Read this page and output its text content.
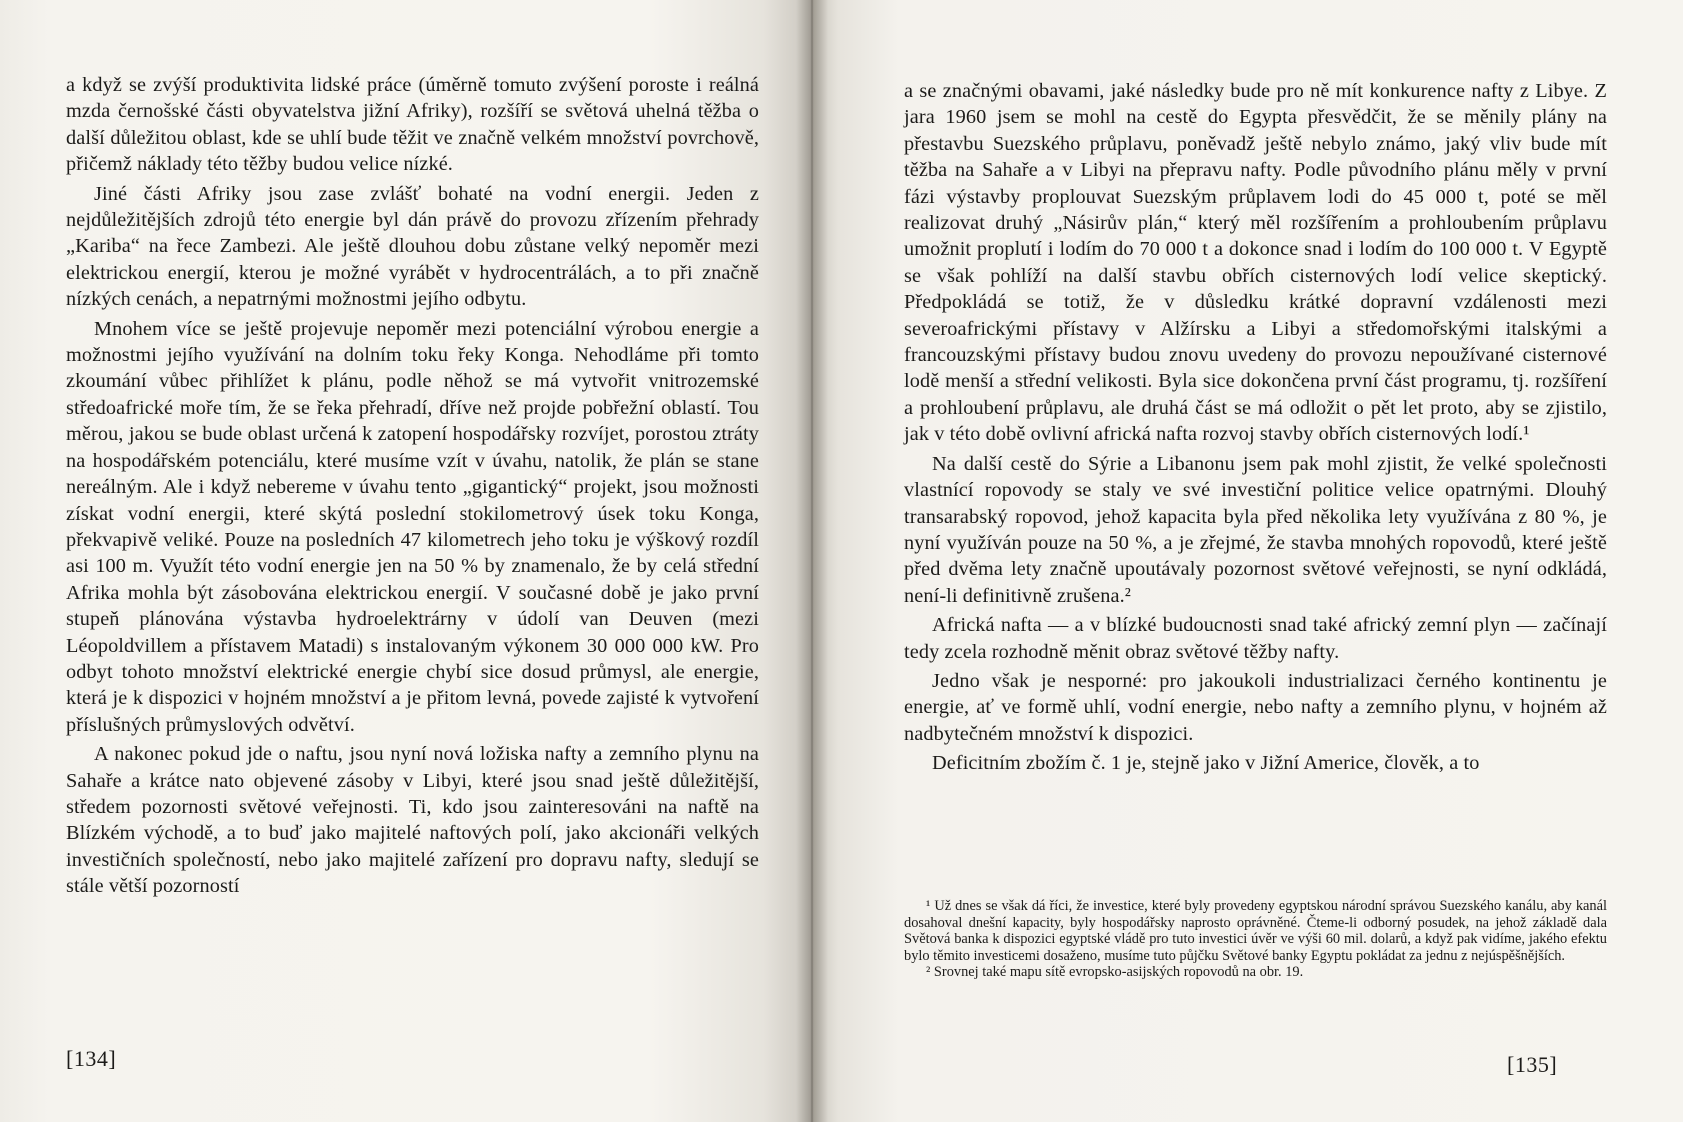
a když se zvýší produktivita lidské práce (úměrně tomuto zvýšení poroste i reálná mzda černošské části obyvatelstva jižní Afriky), rozšíří se světová uhelná těžba o další důležitou oblast, kde se uhlí bude těžit ve značně velkém množství povrchově, přičemž náklady této těžby budou velice nízké.

Jiné části Afriky jsou zase zvlášť bohaté na vodní energii. Jeden z nejdůležitějších zdrojů této energie byl dán právě do provozu zřízením přehrady „Kariba“ na řece Zambezi. Ale ještě dlouhou dobu zůstane velký nepoměr mezi elektrickou energií, kterou je možné vyrábět v hydrocentrálách, a to při značně nízkých cenách, a nepatrnými možnostmi jejího odbytu.

Mnohem více se ještě projevuje nepoměr mezi potenciální výrobou energie a možnostmi jejího využívání na dolním toku řeky Konga. Nehodláme při tomto zkoumání vůbec přihlížet k plánu, podle něhož se má vytvořit vnitrozemské středoafrické moře tím, že se řeka přehradí, dříve než projde pobřežní oblastí. Tou měrou, jakou se bude oblast určená k zatopení hospodářsky rozvíjet, porostou ztráty na hospodářském potenciálu, které musíme vzít v úvahu, natolik, že plán se stane nereálným. Ale i když nebereme v úvahu tento „gigantický“ projekt, jsou možnosti získat vodní energii, které skýtá poslední stokilometrový úsek toku Konga, překvapivě veliké. Pouze na posledních 47 kilometrech jeho toku je výškový rozdíl asi 100 m. Využít této vodní energie jen na 50 % by znamenalo, že by celá střední Afrika mohla být zásobována elektrickou energií. V současné době je jako první stupeň plánována výstavba hydroelektrárny v údolí van Deuven (mezi Léopoldvillem a přístavem Matadi) s instalovaným výkonem 30 000 000 kW. Pro odbyt tohoto množství elektrické energie chybí sice dosud průmysl, ale energie, která je k dispozici v hojném množství a je přitom levná, povede zajisté k vytvoření příslušných průmyslových odvětví.

A nakonec pokud jde o naftu, jsou nyní nová ložiska nafty a zemního plynu na Sahaře a krátce nato objevené zásoby v Libyi, které jsou snad ještě důležitější, středem pozornosti světové veřejnosti. Ti, kdo jsou zainteresováni na naftě na Blízkém východě, a to buď jako majitelé naftových polí, jako akcionáři velkých investičních společností, nebo jako majitelé zařízení pro dopravu nafty, sledují se stále větší pozorností

[134]

a se značnými obavami, jaké následky bude pro ně mít konkurence nafty z Libye. Z jara 1960 jsem se mohl na cestě do Egypta přesvědčit, že se měnily plány na přestavbu Suezského průplavu, poněvadž ještě nebylo známo, jaký vliv bude mít těžba na Sahaře a v Libyi na přepravu nafty. Podle původního plánu měly v první fázi výstavby proplouvat Suezským průplavem lodi do 45 000 t, poté se měl realizovat druhý „Násirův plán,“ který měl rozšířením a prohloubením průplavu umožnit proplutí i lodím do 70 000 t a dokonce snad i lodím do 100 000 t. V Egyptě se však pohlíží na další stavbu obřích cisternových lodí velice skeptický. Předpokládá se totiž, že v důsledku krátké dopravní vzdálenosti mezi severoafrickými přístavy v Alžírsku a Libyi a středomořskými italskými a francouzskými přístavy budou znovu uvedeny do provozu nepoužívané cisternové lodě menší a střední velikosti. Byla sice dokončena první část programu, tj. rozšíření a prohloubení průplavu, ale druhá část se má odložit o pět let proto, aby se zjistilo, jak v této době ovlivní africká nafta rozvoj stavby obřích cisternových lodí.¹

Na další cestě do Sýrie a Libanonu jsem pak mohl zjistit, že velké společnosti vlastnící ropovody se staly ve své investiční politice velice opatrnými. Dlouhý transarabský ropovod, jehož kapacita byla před několika lety využívána z 80 %, je nyní využíván pouze na 50 %, a je zřejmé, že stavba mnohých ropovodů, které ještě před dvěma lety značně upoutávaly pozornost světové veřejnosti, se nyní odkládá, není-li definitivně zrušena.²

Africká nafta — a v blízké budoucnosti snad také africký zemní plyn — začínají tedy zcela rozhodně měnit obraz světové těžby nafty.

Jedno však je nesporné: pro jakoukoli industrializaci černého kontinentu je energie, ať ve formě uhlí, vodní energie, nebo nafty a zemního plynu, v hojném až nadbytečném množství k dispozici.

Deficitním zbožím č. 1 je, stejně jako v Jižní Americe, člověk, a to

¹ Už dnes se však dá říci, že investice, které byly provedeny egyptskou národní správou Suezského kanálu, aby kanál dosahoval dnešní kapacity, byly hospodářsky naprosto oprávněné. Čteme-li odborný posudek, na jehož základě dala Světová banka k dispozici egyptské vládě pro tuto investici úvěr ve výši 60 mil. dolarů, a když pak vidíme, jakého efektu bylo těmito investicemi dosaženo, musíme tuto půjčku Světové banky Egyptu pokládat za jednu z nejúspěšnějších.

² Srovnej také mapu sítě evropsko-asijských ropovodů na obr. 19.

[135]
